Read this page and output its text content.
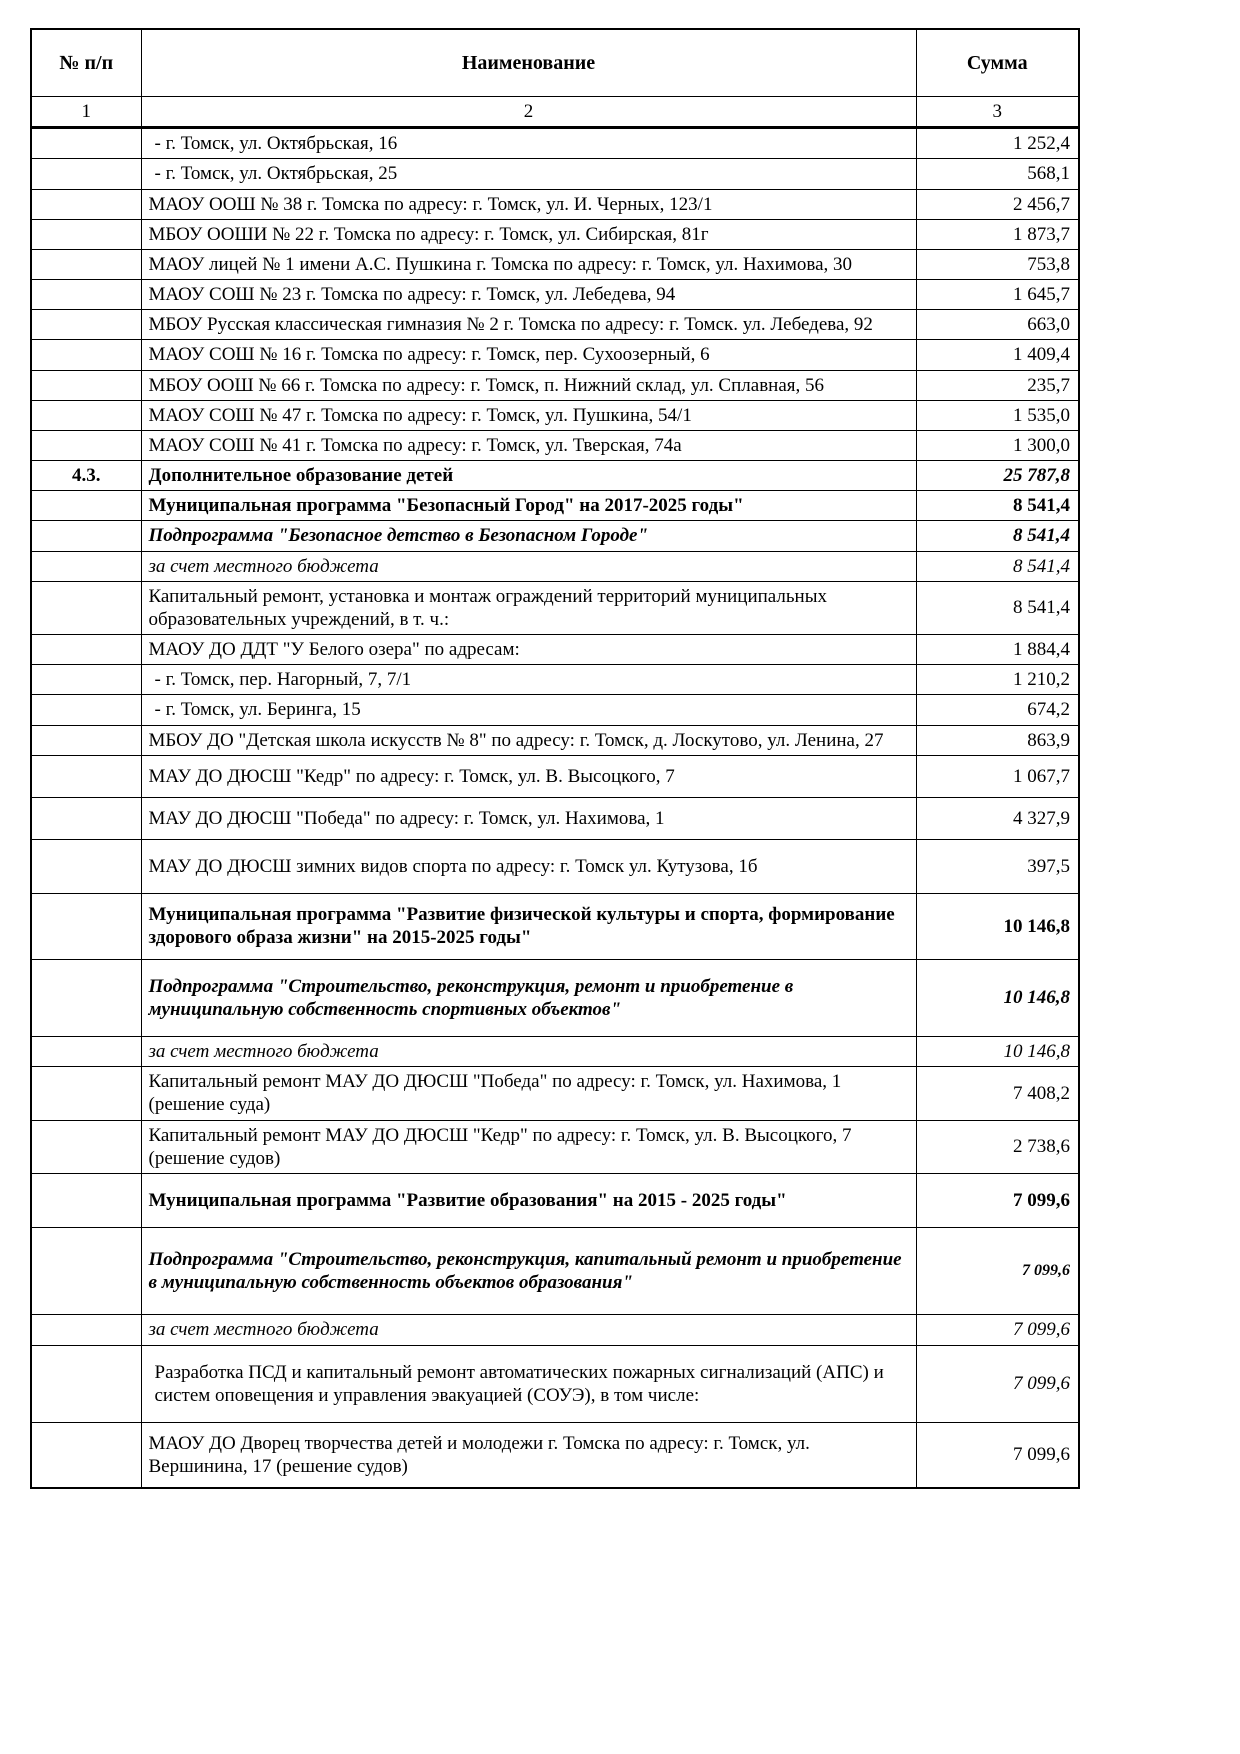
№ п/п	Наименование	Сумма
1	2	3
	- г. Томск, ул. Октябрьская, 16	1 252,4
	- г. Томск, ул. Октябрьская, 25	568,1
	МАОУ ООШ № 38 г. Томска по адресу: г. Томск, ул. И. Черных, 123/1	2 456,7
	МБОУ ООШИ № 22 г. Томска по адресу: г. Томск, ул. Сибирская, 81г	1 873,7
	МАОУ лицей № 1 имени А.С. Пушкина г. Томска по адресу: г. Томск, ул. Нахимова, 30	753,8
	МАОУ СОШ № 23 г. Томска по адресу: г. Томск, ул. Лебедева, 94	1 645,7
	МБОУ Русская классическая гимназия № 2 г. Томска по адресу: г. Томск. ул. Лебедева, 92	663,0
	МАОУ СОШ № 16 г. Томска по адресу: г. Томск, пер. Сухоозерный, 6	1 409,4
	МБОУ ООШ № 66 г. Томска по адресу: г. Томск, п. Нижний склад, ул. Сплавная, 56	235,7
	МАОУ СОШ № 47 г. Томска по адресу: г. Томск, ул. Пушкина, 54/1	1 535,0
	МАОУ СОШ № 41 г. Томска по адресу: г. Томск, ул. Тверская, 74а	1 300,0
4.3.	Дополнительное образование детей	25 787,8
	Муниципальная программа "Безопасный Город" на 2017-2025 годы"	8 541,4
	Подпрограмма "Безопасное детство в Безопасном Городе"	8 541,4
	за счет местного бюджета	8 541,4
	Капитальный ремонт, установка и монтаж ограждений территорий муниципальных образовательных учреждений, в т. ч.:	8 541,4
	МАОУ ДО ДДТ "У Белого озера" по адресам:	1 884,4
	- г. Томск, пер. Нагорный, 7, 7/1	1 210,2
	- г. Томск, ул. Беринга, 15	674,2
	МБОУ ДО "Детская школа искусств № 8" по адресу: г. Томск, д. Лоскутово, ул. Ленина, 27	863,9
	МАУ ДО ДЮСШ "Кедр" по адресу: г. Томск, ул. В. Высоцкого, 7	1 067,7
	МАУ ДО ДЮСШ "Победа" по адресу: г. Томск, ул. Нахимова, 1	4 327,9
	МАУ ДО ДЮСШ зимних видов спорта по адресу: г. Томск ул. Кутузова, 1б	397,5
	Муниципальная программа "Развитие физической культуры и спорта, формирование здорового образа жизни" на 2015-2025 годы"	10 146,8
	Подпрограмма "Строительство, реконструкция, ремонт и приобретение в муниципальную собственность спортивных объектов"	10 146,8
	за счет местного бюджета	10 146,8
	Капитальный ремонт МАУ ДО ДЮСШ "Победа" по адресу: г. Томск, ул. Нахимова, 1 (решение суда)	7 408,2
	Капитальный ремонт МАУ ДО ДЮСШ "Кедр" по адресу: г. Томск, ул. В. Высоцкого, 7 (решение судов)	2 738,6
	Муниципальная программа "Развитие образования" на 2015 - 2025 годы"	7 099,6
	Подпрограмма "Строительство, реконструкция, капитальный ремонт и приобретение в муниципальную собственность объектов образования"	7 099,6
	за счет местного бюджета	7 099,6
	Разработка ПСД и капитальный ремонт автоматических пожарных сигнализаций (АПС) и систем оповещения и управления эвакуацией (СОУЭ), в том числе:	7 099,6
	МАОУ ДО Дворец творчества детей и молодежи г. Томска по адресу: г. Томск, ул. Вершинина, 17 (решение судов)	7 099,6
